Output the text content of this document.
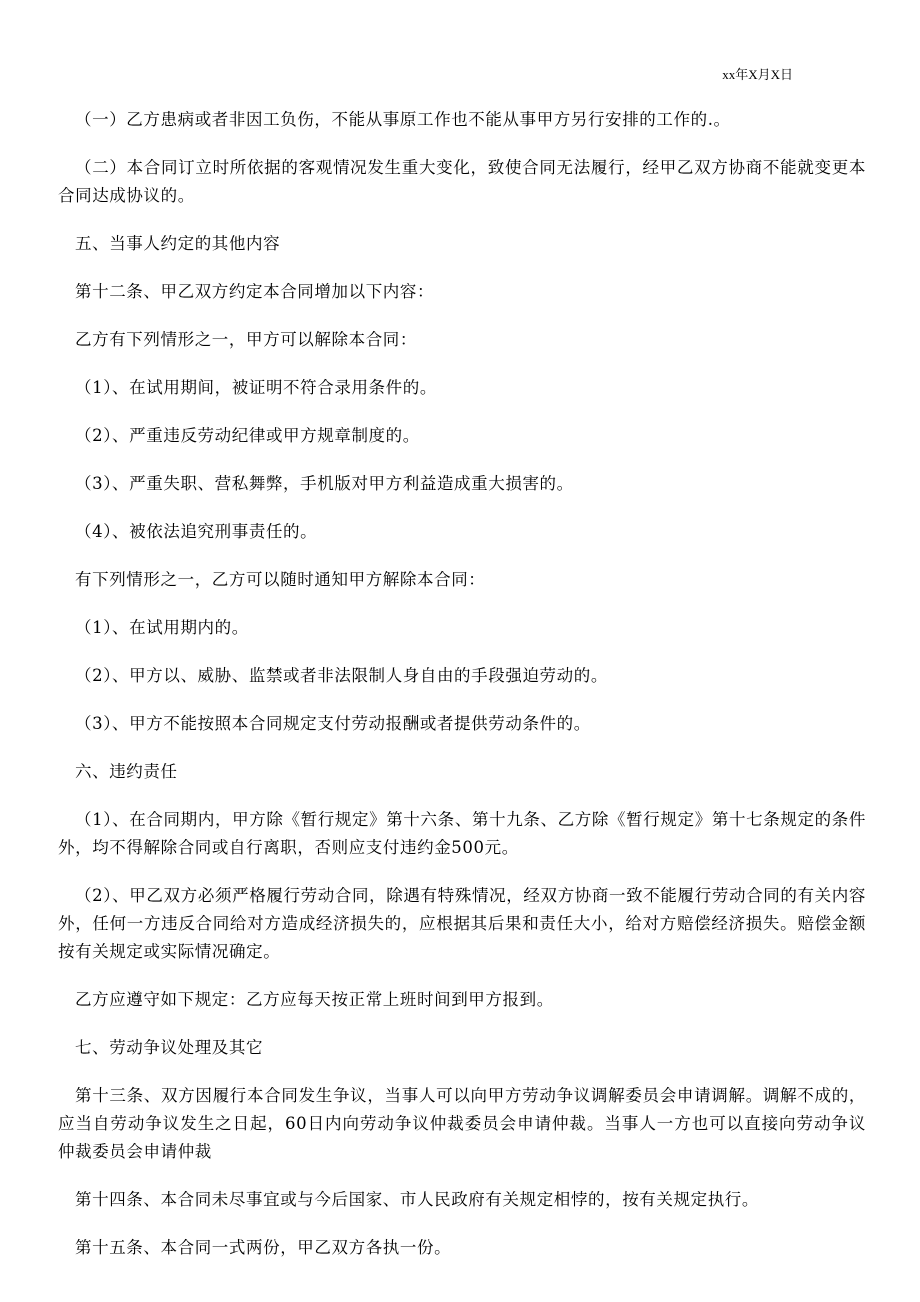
xx年X月X日

（一）乙方患病或者非因工负伤，不能从事原工作也不能从事甲方另行安排的工作的.。

（二）本合同订立时所依据的客观情况发生重大变化，致使合同无法履行，经甲乙双方协商不能就变更本合同达成协议的。

五、当事人约定的其他内容

第十二条、甲乙双方约定本合同增加以下内容：

乙方有下列情形之一，甲方可以解除本合同：

（1）、在试用期间，被证明不符合录用条件的。

（2）、严重违反劳动纪律或甲方规章制度的。

（3）、严重失职、营私舞弊，手机版对甲方利益造成重大损害的。

（4）、被依法追究刑事责任的。

有下列情形之一，乙方可以随时通知甲方解除本合同：

（1）、在试用期内的。

（2）、甲方以、威胁、监禁或者非法限制人身自由的手段强迫劳动的。

（3）、甲方不能按照本合同规定支付劳动报酬或者提供劳动条件的。

六、违约责任

（1）、在合同期内，甲方除《暂行规定》第十六条、第十九条、乙方除《暂行规定》第十七条规定的条件外，均不得解除合同或自行离职，否则应支付违约金500元。

（2）、甲乙双方必须严格履行劳动合同，除遇有特殊情况，经双方协商一致不能履行劳动合同的有关内容外，任何一方违反合同给对方造成经济损失的，应根据其后果和责任大小，给对方赔偿经济损失。赔偿金额按有关规定或实际情况确定。

乙方应遵守如下规定：乙方应每天按正常上班时间到甲方报到。

七、劳动争议处理及其它

第十三条、双方因履行本合同发生争议，当事人可以向甲方劳动争议调解委员会申请调解。调解不成的，应当自劳动争议发生之日起，60日内向劳动争议仲裁委员会申请仲裁。当事人一方也可以直接向劳动争议仲裁委员会申请仲裁

第十四条、本合同未尽事宜或与今后国家、市人民政府有关规定相悖的，按有关规定执行。

第十五条、本合同一式两份，甲乙双方各执一份。
